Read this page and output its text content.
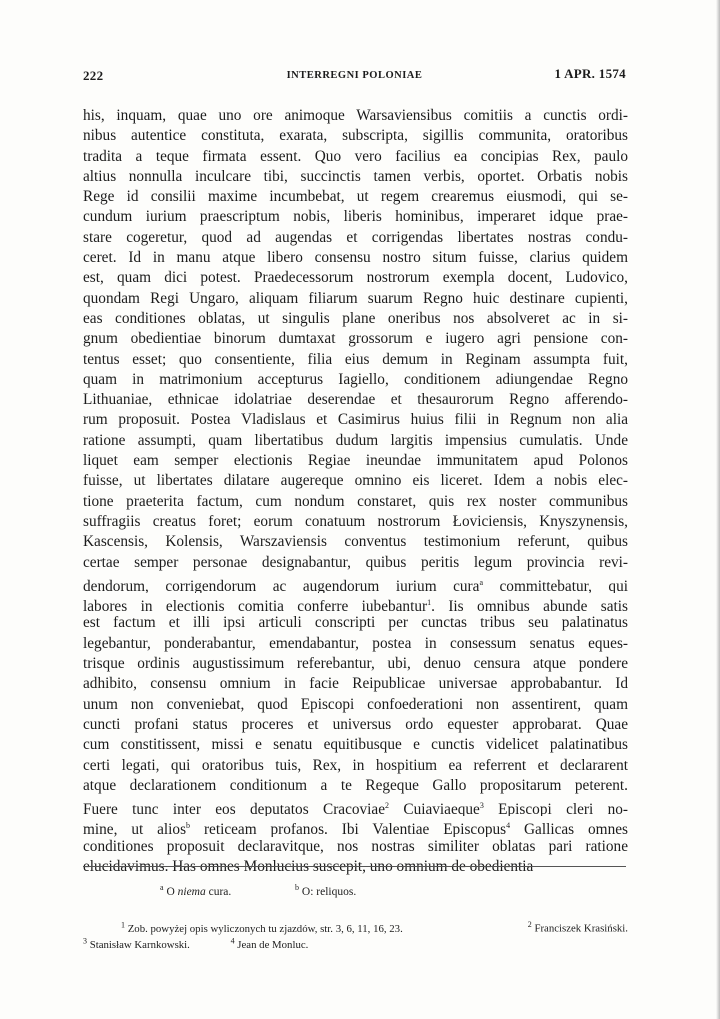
222	INTERREGNI POLONIAE	1 APR. 1574
his, inquam, quae uno ore animoque Warsaviensibus comitiis a cunctis ordi-
nibus autentice constituta, exarata, subscripta, sigillis communita, oratoribus
tradita a teque firmata essent. Quo vero facilius ea concipias Rex, paulo
altius nonnulla inculcare tibi, succinctis tamen verbis, oportet. Orbatis nobis
Rege id consilii maxime incumbebat, ut regem crearemus eiusmodi, qui se-
cundum iurium praescriptum nobis, liberis hominibus, imperaret idque prae-
stare cogeretur, quod ad augendas et corrigendas libertates nostras condu-
ceret. Id in manu atque libero consensu nostro situm fuisse, clarius quidem
est, quam dici potest. Praedecessorum nostrorum exempla docent, Ludovico,
quondam Regi Ungaro, aliquam filiarum suarum Regno huic destinare cupienti,
eas conditiones oblatas, ut singulis plane oneribus nos absolveret ac in si-
gnum obedientiae binorum dumtaxat grossorum e iugero agri pensione con-
tentus esset; quo consentiente, filia eius demum in Reginam assumpta fuit,
quam in matrimonium accepturus Iagiello, conditionem adiungendae Regno
Lithuaniae, ethnicae idolatriae deserendae et thesaurorum Regno afferendo-
rum proposuit. Postea Vladislaus et Casimirus huius filii in Regnum non alia
ratione assumpti, quam libertatibus dudum largitis impensius cumulatis. Unde
liquet eam semper electionis Regiae ineundae immunitatem apud Polonos
fuisse, ut libertates dilatare augereque omnino eis liceret. Idem a nobis elec-
tione praeterita factum, cum nondum constaret, quis rex noster communibus
suffragiis creatus foret; eorum conatuum nostrorum Łoviciensis, Knyszynensis,
Kascensis, Kolensis, Warszaviensis conventus testimonium referunt, quibus
certae semper personae designabantur, quibus peritis legum provincia revi-
dendorum, corrigendorum ac augendorum iurium cura$^a$ committebatur, qui
labores in electionis comitia conferre iubebantur$^1$. Iis omnibus abunde satis
est factum et illi ipsi articuli conscripti per cunctas tribus seu palatinatus
legebantur, ponderabantur, emendabantur, postea in consessum senatus eques-
trisque ordinis augustissimum referebantur, ubi, denuo censura atque pondere
adhibito, consensu omnium in facie Reipublicae universae approbabantur. Id
unum non conveniebat, quod Episcopi confoederationi non assentirent, quam
cuncti profani status proceres et universus ordo equester approbarat. Quae
cum constitissent, missi e senatu equitibusque e cunctis videlicet palatinatibus
certi legati, qui oratoribus tuis, Rex, in hospitium ea referrent et declararent
atque declarationem conditionum a te Regeque Gallo propositarum peterent.
Fuere tunc inter eos deputatos Cracoviae$^2$ Cuiaviaeque$^3$ Episcopi cleri no-
mine, ut alios$^b$ reticeam profanos. Ibi Valentiae Episcopus$^4$ Gallicas omnes
conditiones proposuit declaravitque, nos nostras similiter oblatas pari ratione
elucidavimus. Has omnes Monlucius suscepit, uno omnium de obedientia
$^a$ O niema cura.	$^b$ O: reliquos.
$^1$ Zob. powyżej opis wyliczonych tu zjazdów, str. 3, 6, 11, 16, 23.	$^2$ Franciszek Krasiński.
$^3$ Stanisław Karnkowski.	$^4$ Jean de Monluc.
